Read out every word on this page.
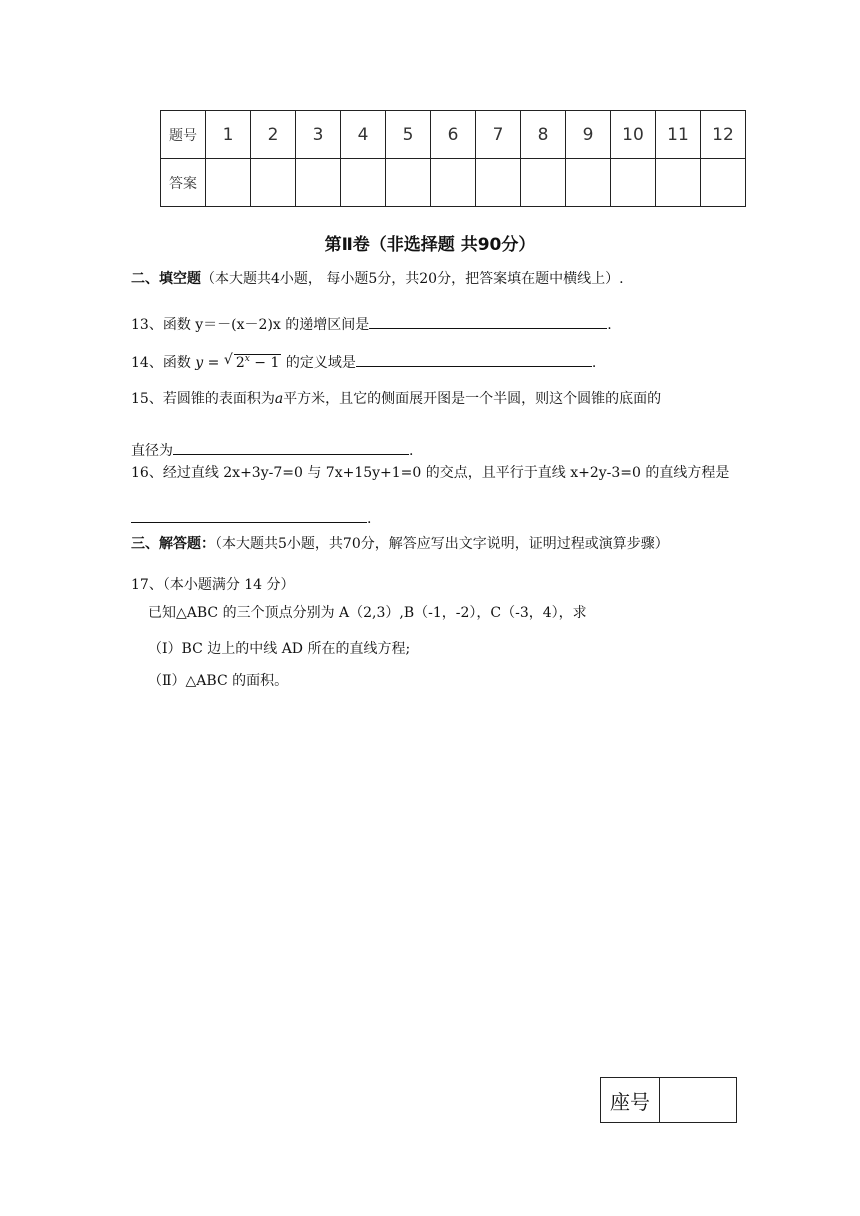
题号	1	2	3	4	5	6	7	8	9	10	11	12
答案												
第Ⅱ卷（非选择题 共90分）
二、填空题（本大题共4小题， 每小题5分，共20分，把答案填在题中横线上）.
13、函数 y＝－(x－2)x 的递增区间是	.
14、函数 y = √ $2^x - 1$ 的定义域是	.
15、若圆锥的表面积为a平方米，且它的侧面展开图是一个半圆，则这个圆锥的底面的
直径为	.
16、经过直线 2x+3y-7=0 与 7x+15y+1=0 的交点，且平行于直线 x+2y-3=0 的直线方程是
.
三、解答题：（本大题共5小题，共70分，解答应写出文字说明，证明过程或演算步骤）
17、（本小题满分 14 分）
已知△ABC 的三个顶点分别为 A（2,3）,B（-1，-2），C（-3，4），求
（Ⅰ）BC 边上的中线 AD 所在的直线方程;
（Ⅱ）△ABC 的面积。
座号	
